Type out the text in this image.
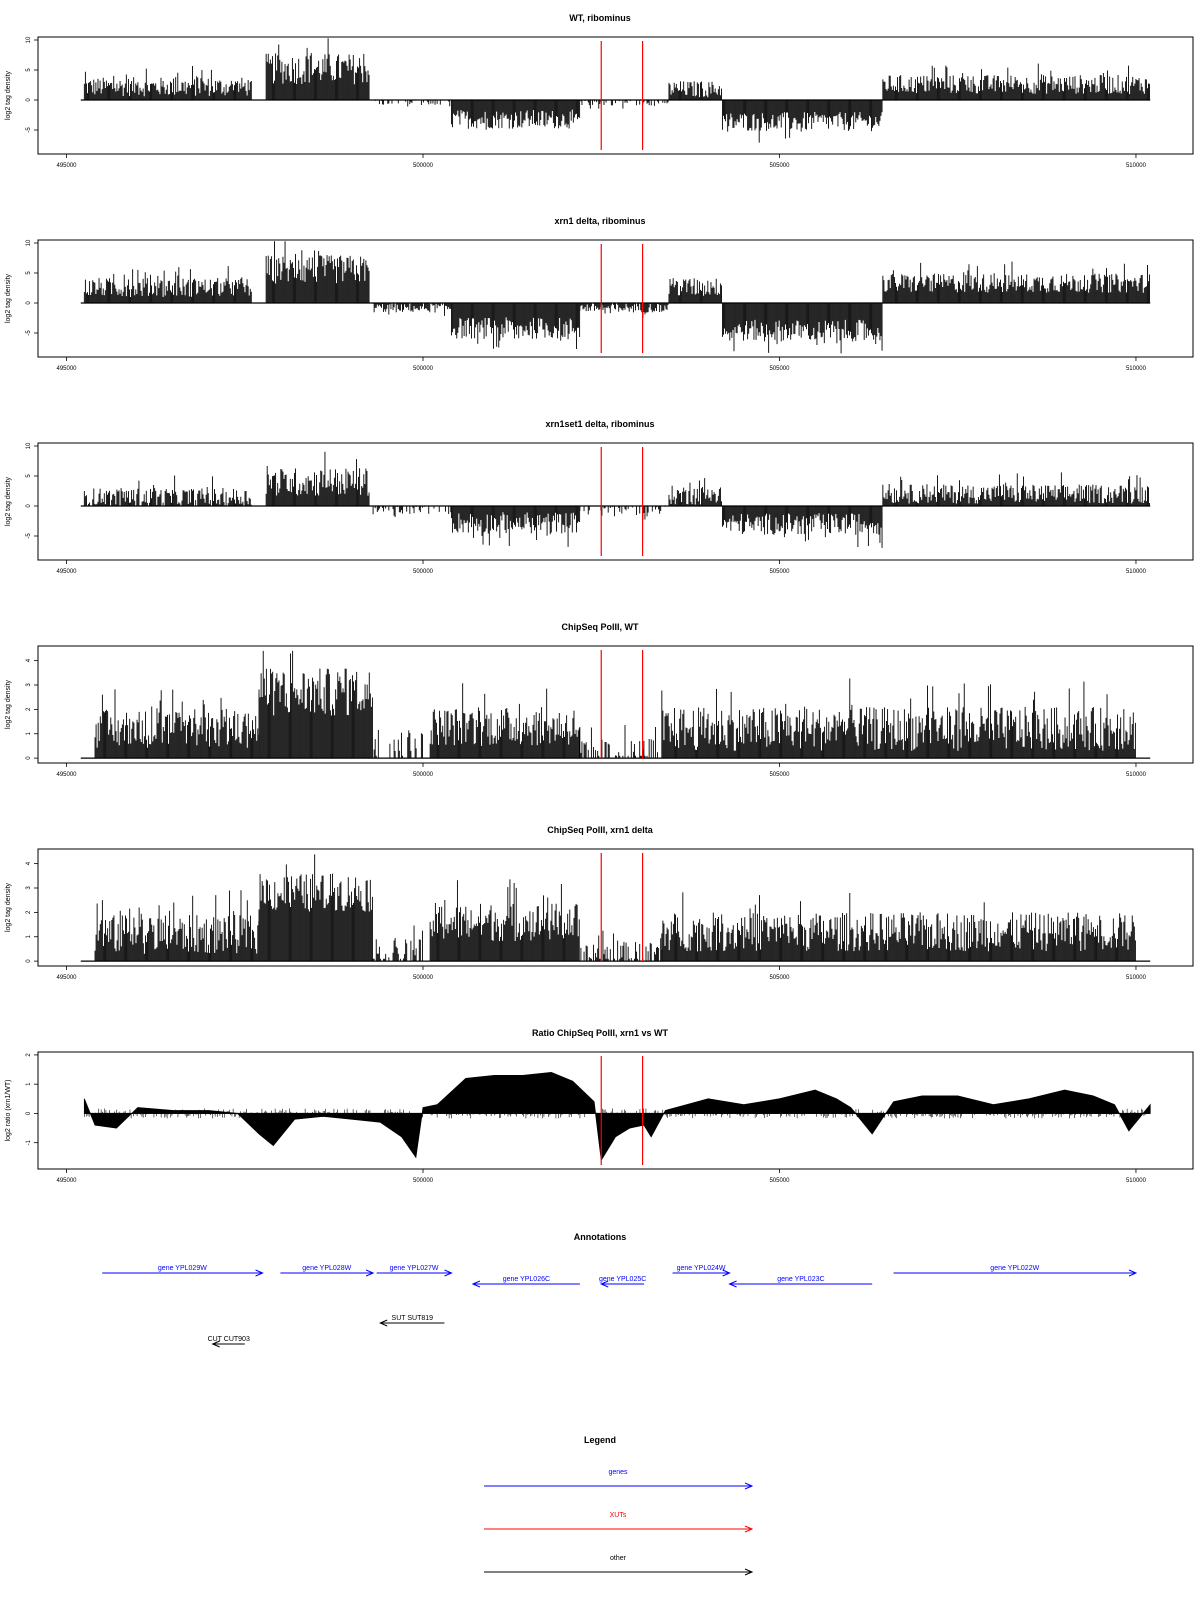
WT, ribominus
-5
0
5
10
log2 tag density
495000	500000	505000	510000
xrn1 delta, ribominus
-5
0
5
10
log2 tag density
495000	500000	505000	510000
xrn1set1 delta, ribominus
-5
0
5
10
log2 tag density
495000	500000	505000	510000
ChipSeq PolII, WT
0
1
2
3
4
log2 tag density
495000	500000	505000	510000
ChipSeq PolII, xrn1 delta
0
1
2
3
4
log2 tag density
495000	500000	505000	510000
Ratio ChipSeq PolII, xrn1 vs WT
-1
0
1
2
log2 ratio (xrn1/WT)
495000	500000	505000	510000
Annotations
gene YPL029W	gene YPL028W	gene YPL027W
gene YPL026C	gene YPL025C
gene YPL024W
gene YPL023C
gene YPL022W
SUT SUT819
CUT CUT903
Legend
genes
XUTs
other
